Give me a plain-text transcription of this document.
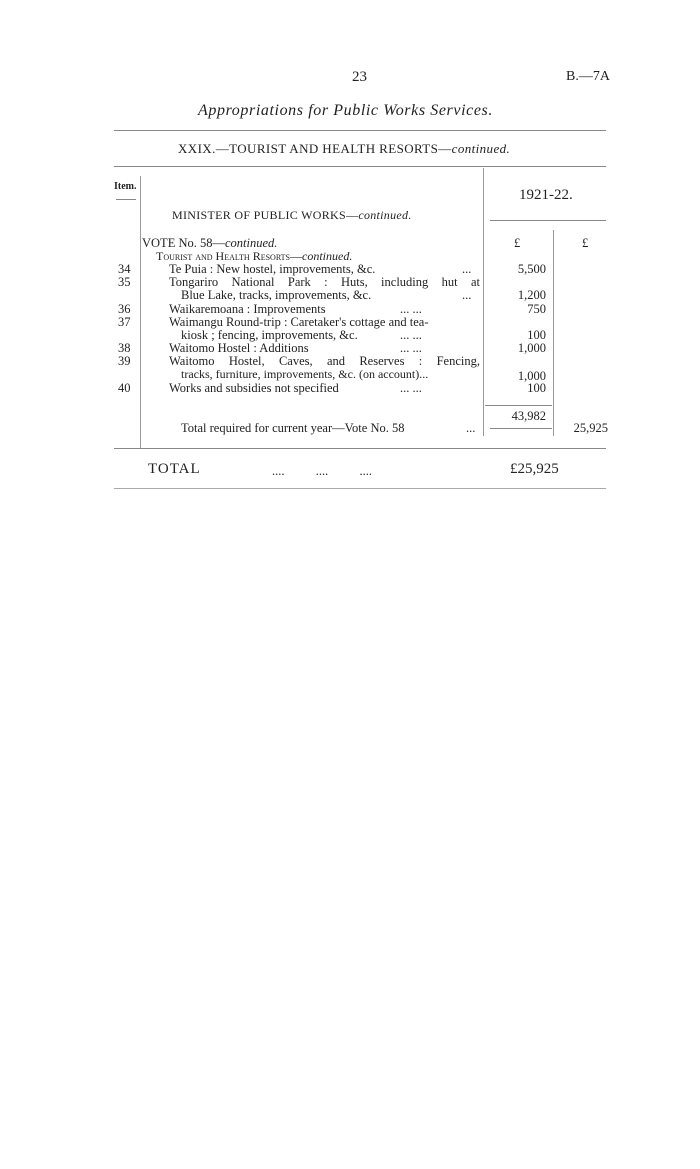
23	B.—7A
Appropriations for Public Works Services.
XXIX.—TOURIST AND HEALTH RESORTS—continued.
Item.
1921-22.
MINISTER OF PUBLIC WORKS—continued.
VOTE No. 58—continued.	£	£
Tourist and Health Resorts—continued.
34	Te Puia : New hostel, improvements, &c.	...	5,500
35	Tongariro National Park : Huts, including hut at
Blue Lake, tracks, improvements, &c.	...	1,200
36	Waikaremoana : Improvements	... ...	750
37	Waimangu Round-trip : Caretaker's cottage and tea-
kiosk ; fencing, improvements, &c.	... ...	100
38	Waitomo Hostel : Additions	... ...	1,000
39	Waitomo Hostel, Caves, and Reserves : Fencing,
tracks, furniture, improvements, &c. (on account)...	1,000
40	Works and subsidies not specified	... ...	100
43,982
Total required for current year—Vote No. 58	...	25,925
TOTAL	....          ....          ....	£25,925
